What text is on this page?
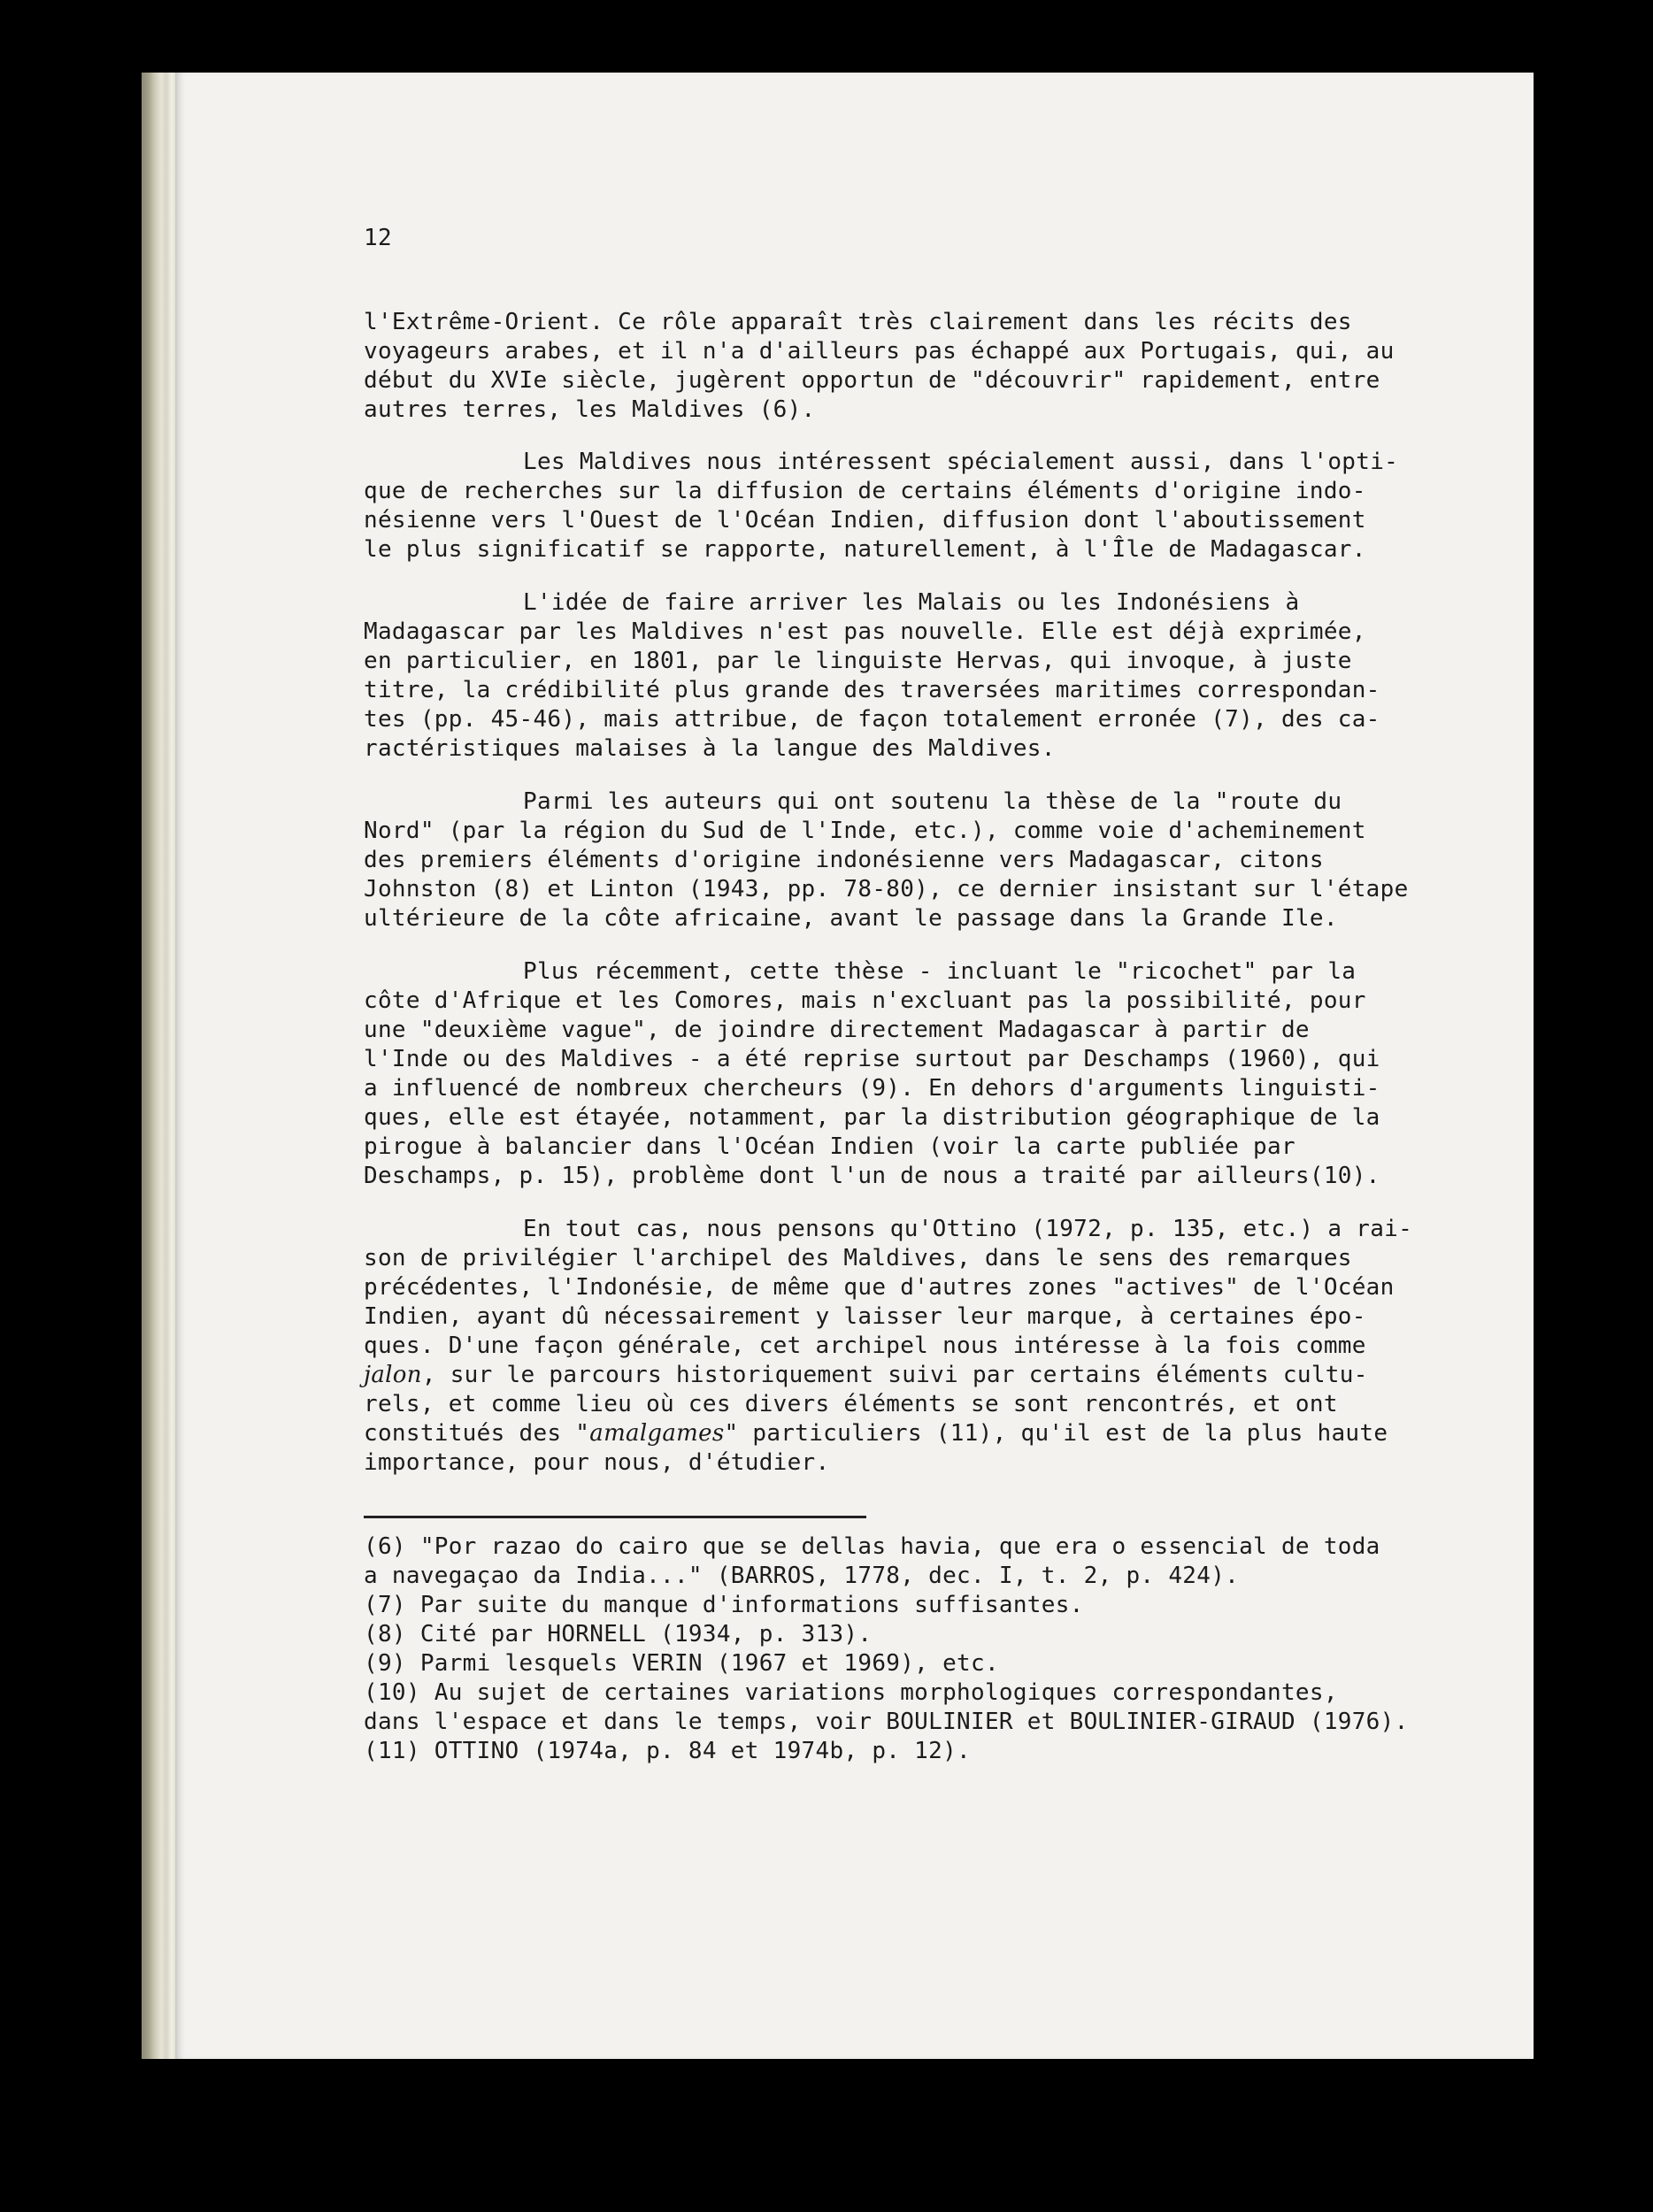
12
l'Extrême-Orient. Ce rôle apparaît très clairement dans les récits des
voyageurs arabes, et il n'a d'ailleurs pas échappé aux Portugais, qui, au
début du XVIe siècle, jugèrent opportun de "découvrir" rapidement, entre
autres terres, les Maldives (6).
Les Maldives nous intéressent spécialement aussi, dans l'opti-
que de recherches sur la diffusion de certains éléments d'origine indo-
nésienne vers l'Ouest de l'Océan Indien, diffusion dont l'aboutissement
le plus significatif se rapporte, naturellement, à l'Île de Madagascar.
L'idée de faire arriver les Malais ou les Indonésiens à
Madagascar par les Maldives n'est pas nouvelle. Elle est déjà exprimée,
en particulier, en 1801, par le linguiste Hervas, qui invoque, à juste
titre, la crédibilité plus grande des traversées maritimes correspondan-
tes (pp. 45-46), mais attribue, de façon totalement erronée (7), des ca-
ractéristiques malaises à la langue des Maldives.
Parmi les auteurs qui ont soutenu la thèse de la "route du
Nord" (par la région du Sud de l'Inde, etc.), comme voie d'acheminement
des premiers éléments d'origine indonésienne vers Madagascar, citons
Johnston (8) et Linton (1943, pp. 78-80), ce dernier insistant sur l'étape
ultérieure de la côte africaine, avant le passage dans la Grande Ile.
Plus récemment, cette thèse - incluant le "ricochet" par la
côte d'Afrique et les Comores, mais n'excluant pas la possibilité, pour
une "deuxième vague", de joindre directement Madagascar à partir de
l'Inde ou des Maldives - a été reprise surtout par Deschamps (1960), qui
a influencé de nombreux chercheurs (9). En dehors d'arguments linguisti-
ques, elle est étayée, notamment, par la distribution géographique de la
pirogue à balancier dans l'Océan Indien (voir la carte publiée par
Deschamps, p. 15), problème dont l'un de nous a traité par ailleurs(10).
En tout cas, nous pensons qu'Ottino (1972, p. 135, etc.) a rai-
son de privilégier l'archipel des Maldives, dans le sens des remarques
précédentes, l'Indonésie, de même que d'autres zones "actives" de l'Océan
Indien, ayant dû nécessairement y laisser leur marque, à certaines épo-
ques. D'une façon générale, cet archipel nous intéresse à la fois comme
jalon, sur le parcours historiquement suivi par certains éléments cultu-
rels, et comme lieu où ces divers éléments se sont rencontrés, et ont
constitués des "amalgames" particuliers (11), qu'il est de la plus haute
importance, pour nous, d'étudier.
(6) "Por razao do cairo que se dellas havia, que era o essencial de toda
a navegaçao da India..." (BARROS, 1778, dec. I, t. 2, p. 424).
(7) Par suite du manque d'informations suffisantes.
(8) Cité par HORNELL (1934, p. 313).
(9) Parmi lesquels VERIN (1967 et 1969), etc.
(10) Au sujet de certaines variations morphologiques correspondantes,
dans l'espace et dans le temps, voir BOULINIER et BOULINIER-GIRAUD (1976).
(11) OTTINO (1974a, p. 84 et 1974b, p. 12).
